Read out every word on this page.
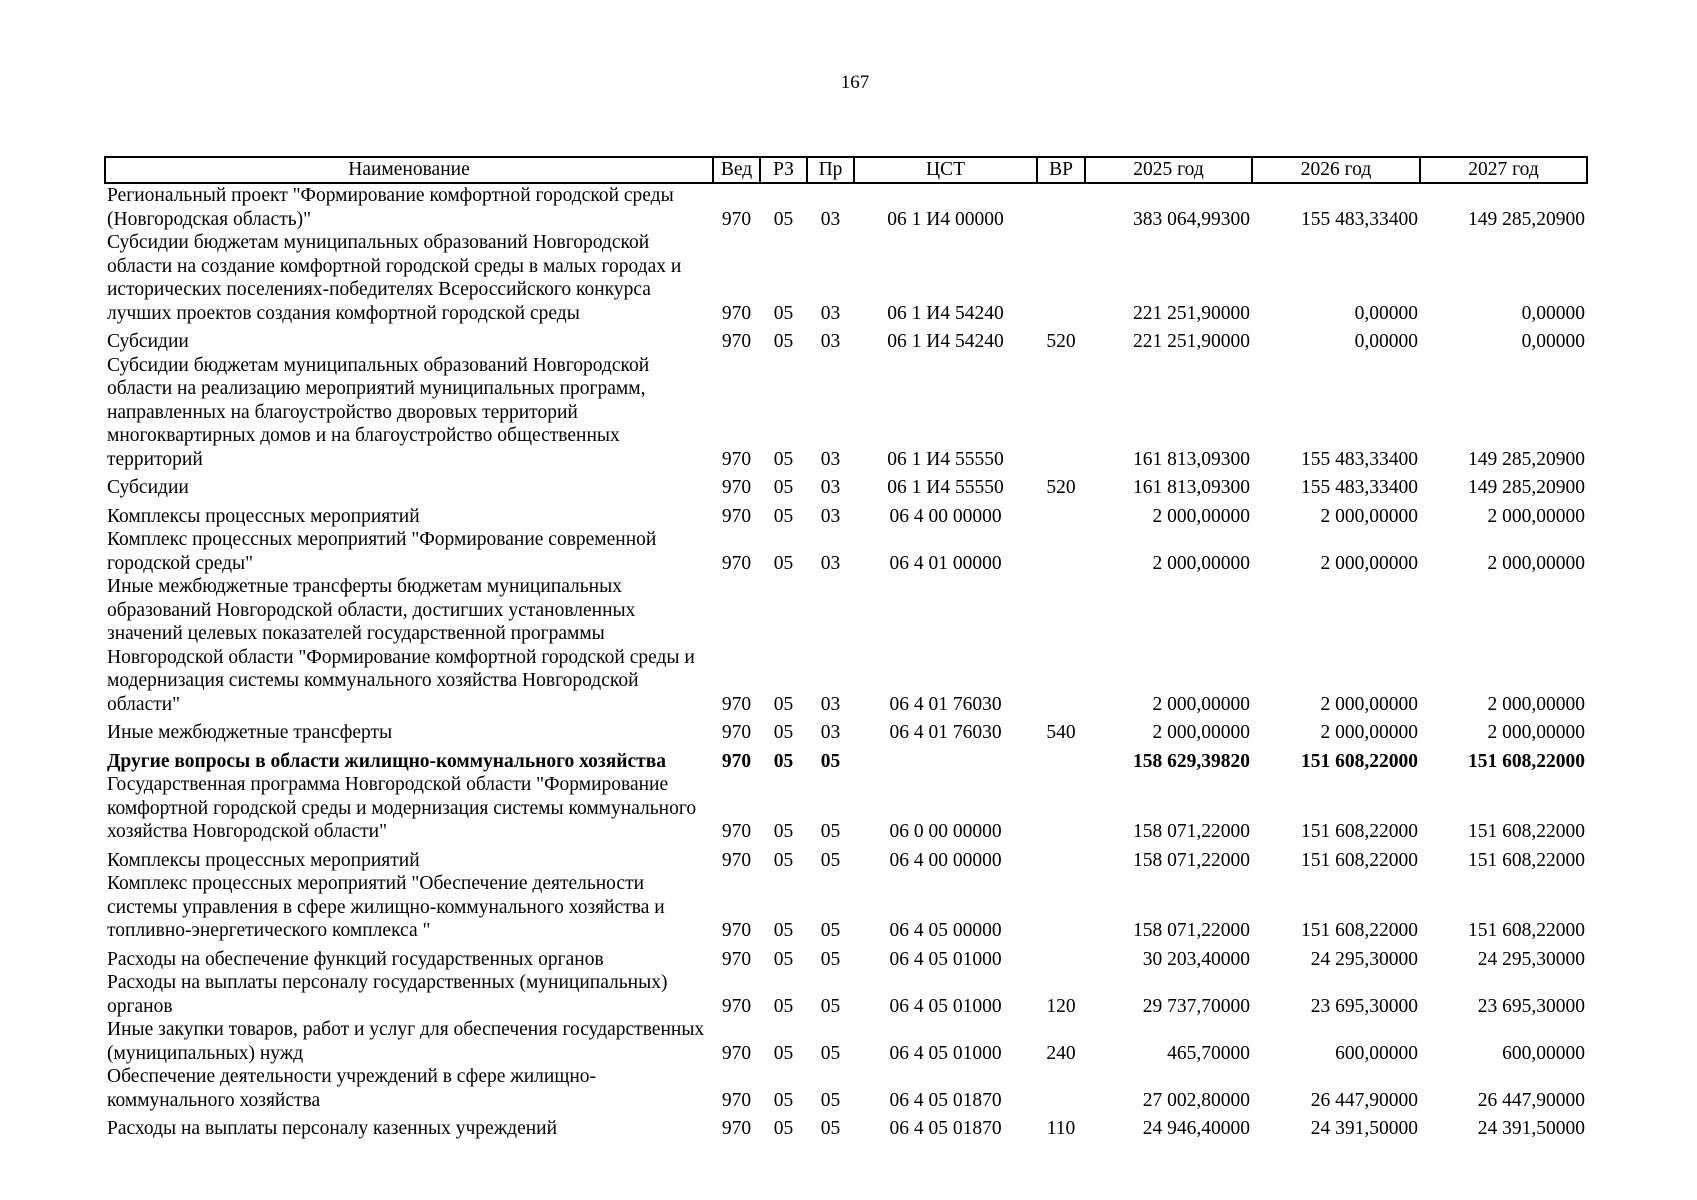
167
Наименование	Вед	РЗ	Пр	ЦСТ	ВР	2025 год	2026 год	2027 год
Региональный проект "Формирование комфортной городской среды (Новгородская область)"	970	05	03	06 1 И4 00000		383 064,99300	155 483,33400	149 285,20900
Субсидии бюджетам муниципальных образований Новгородской области на создание комфортной городской среды в малых городах и исторических поселениях-победителях Всероссийского конкурса лучших проектов создания комфортной городской среды	970	05	03	06 1 И4 54240		221 251,90000	0,00000	0,00000
Субсидии	970	05	03	06 1 И4 54240	520	221 251,90000	0,00000	0,00000
Субсидии бюджетам муниципальных образований Новгородской области на реализацию мероприятий муниципальных программ, направленных на благоустройство дворовых территорий многоквартирных домов и на благоустройство общественных территорий	970	05	03	06 1 И4 55550		161 813,09300	155 483,33400	149 285,20900
Субсидии	970	05	03	06 1 И4 55550	520	161 813,09300	155 483,33400	149 285,20900
Комплексы процессных мероприятий	970	05	03	06 4 00 00000		2 000,00000	2 000,00000	2 000,00000
Комплекс процессных мероприятий "Формирование современной городской среды"	970	05	03	06 4 01 00000		2 000,00000	2 000,00000	2 000,00000
Иные межбюджетные трансферты бюджетам муниципальных образований Новгородской области, достигших установленных значений целевых показателей государственной программы Новгородской области "Формирование комфортной городской среды и модернизация системы коммунального хозяйства Новгородской области"	970	05	03	06 4 01 76030		2 000,00000	2 000,00000	2 000,00000
Иные межбюджетные трансферты	970	05	03	06 4 01 76030	540	2 000,00000	2 000,00000	2 000,00000
Другие вопросы в области жилищно-коммунального хозяйства	970	05	05			158 629,39820	151 608,22000	151 608,22000
Государственная программа Новгородской области "Формирование комфортной городской среды и модернизация системы коммунального хозяйства Новгородской области"	970	05	05	06 0 00 00000		158 071,22000	151 608,22000	151 608,22000
Комплексы процессных мероприятий	970	05	05	06 4 00 00000		158 071,22000	151 608,22000	151 608,22000
Комплекс процессных мероприятий "Обеспечение деятельности системы управления в сфере жилищно-коммунального хозяйства и топливно-энергетического комплекса "	970	05	05	06 4 05 00000		158 071,22000	151 608,22000	151 608,22000
Расходы на обеспечение функций государственных органов	970	05	05	06 4 05 01000		30 203,40000	24 295,30000	24 295,30000
Расходы на выплаты персоналу государственных (муниципальных) органов	970	05	05	06 4 05 01000	120	29 737,70000	23 695,30000	23 695,30000
Иные закупки товаров, работ и услуг для обеспечения государственных (муниципальных) нужд	970	05	05	06 4 05 01000	240	465,70000	600,00000	600,00000
Обеспечение деятельности учреждений в сфере жилищно-коммунального хозяйства	970	05	05	06 4 05 01870		27 002,80000	26 447,90000	26 447,90000
Расходы на выплаты персоналу казенных учреждений	970	05	05	06 4 05 01870	110	24 946,40000	24 391,50000	24 391,50000
